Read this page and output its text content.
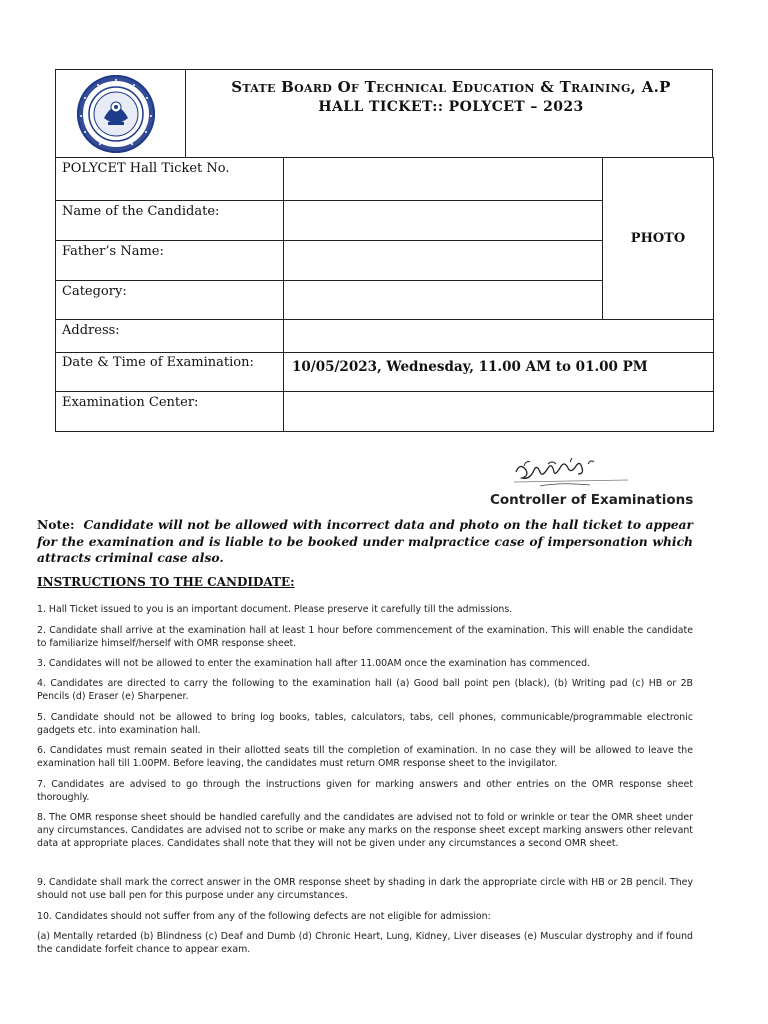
State Board Of Technical Education & Training, A.P
HALL TICKET:: POLYCET – 2023
POLYCET Hall Ticket No.		PHOTO
Name of the Candidate:		
Father’s Name:		
Category:		
Address:		
Date & Time of Examination:	10/05/2023, Wednesday, 11.00 AM to 01.00 PM	
Examination Center:		
Controller of Examinations
Note: Candidate will not be allowed with incorrect data and photo on the hall ticket to appear for the examination and is liable to be booked under malpractice case of impersonation which attracts criminal case also.
INSTRUCTIONS TO THE CANDIDATE:

1. Hall Ticket issued to you is an important document. Please preserve it carefully till the admissions.

2. Candidate shall arrive at the examination hall at least 1 hour before commencement of the examination. This will enable the candidate to familiarize himself/herself with OMR response sheet.

3. Candidates will not be allowed to enter the examination hall after 11.00AM once the examination has commenced.

4. Candidates are directed to carry the following to the examination hall (a) Good ball point pen (black), (b) Writing pad (c) HB or 2B Pencils (d) Eraser (e) Sharpener.

5. Candidate should not be allowed to bring log books, tables, calculators, tabs, cell phones, communicable/programmable electronic gadgets etc. into examination hall.

6. Candidates must remain seated in their allotted seats till the completion of examination. In no case they will be allowed to leave the examination hall till 1.00PM. Before leaving, the candidates must return OMR response sheet to the invigilator.

7. Candidates are advised to go through the instructions given for marking answers and other entries on the OMR response sheet thoroughly.

8. The OMR response sheet should be handled carefully and the candidates are advised not to fold or wrinkle or tear the OMR sheet under any circumstances. Candidates are advised not to scribe or make any marks on the response sheet except marking answers other relevant data at appropriate places. Candidates shall note that they will not be given under any circumstances a second OMR sheet.

9. Candidate shall mark the correct answer in the OMR response sheet by shading in dark the appropriate circle with HB or 2B pencil. They should not use ball pen for this purpose under any circumstances.

10. Candidates should not suffer from any of the following defects are not eligible for admission:

(a) Mentally retarded (b) Blindness (c) Deaf and Dumb (d) Chronic Heart, Lung, Kidney, Liver diseases (e) Muscular dystrophy and if found the candidate forfeit chance to appear exam.
